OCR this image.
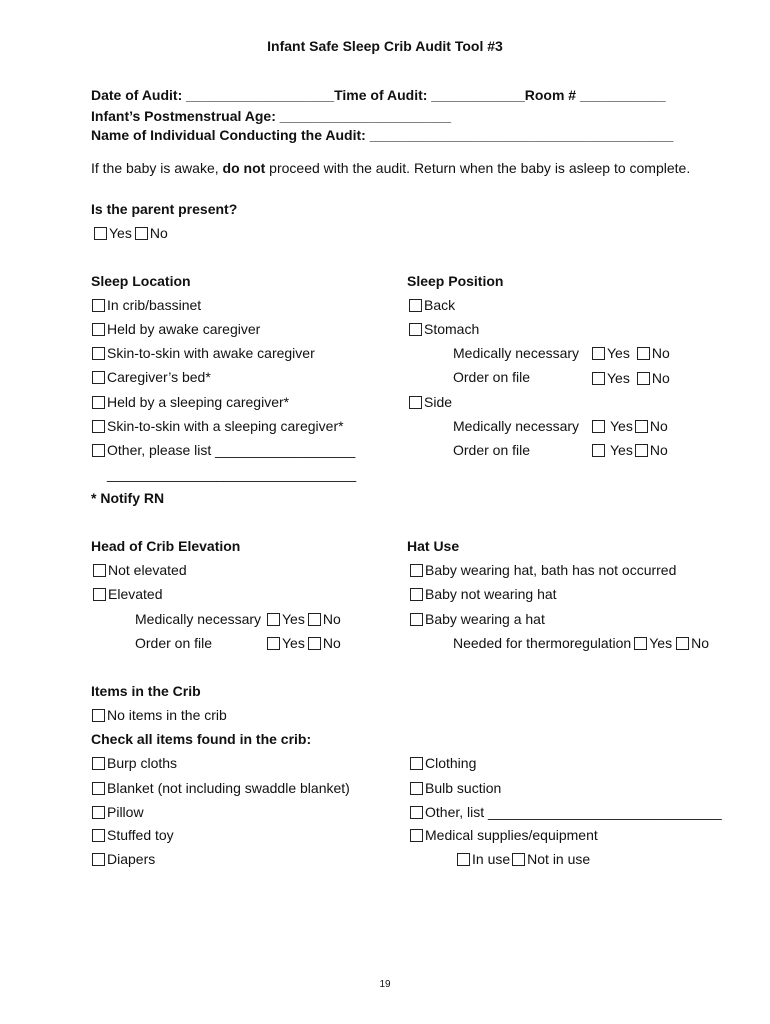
Infant Safe Sleep Crib Audit Tool #3
Date of Audit: ___________________Time of Audit: ____________Room # ___________
Infant’s Postmenstrual Age: ______________________
Name of Individual Conducting the Audit: _______________________________________
If the baby is awake, do not proceed with the audit. Return when the baby is asleep to complete.
Is the parent present?
Yes No
Sleep Location
In crib/bassinet
Held by awake caregiver
Skin-to-skin with awake caregiver
Caregiver’s bed*
Held by a sleeping caregiver*
Skin-to-skin with a sleeping caregiver*
Other, please list __________________
________________________________
* Notify RN
Sleep Position
Back
Stomach
Medically necessary Yes No
Order on file	Yes No
Side
Medically necessary Yes No
Order on file	Yes No
Head of Crib Elevation
Not elevated
Elevated
Medically necessary Yes No
Order on file	Yes No
Hat Use
Baby wearing hat, bath has not occurred
Baby not wearing hat
Baby wearing a hat
Needed for thermoregulation Yes No
Items in the Crib
No items in the crib
Check all items found in the crib:
Burp cloths
Blanket (not including swaddle blanket)
Pillow
Stuffed toy
Diapers
Clothing
Bulb suction
Other, list ______________________________
Medical supplies/equipment
In use Not in use
19
